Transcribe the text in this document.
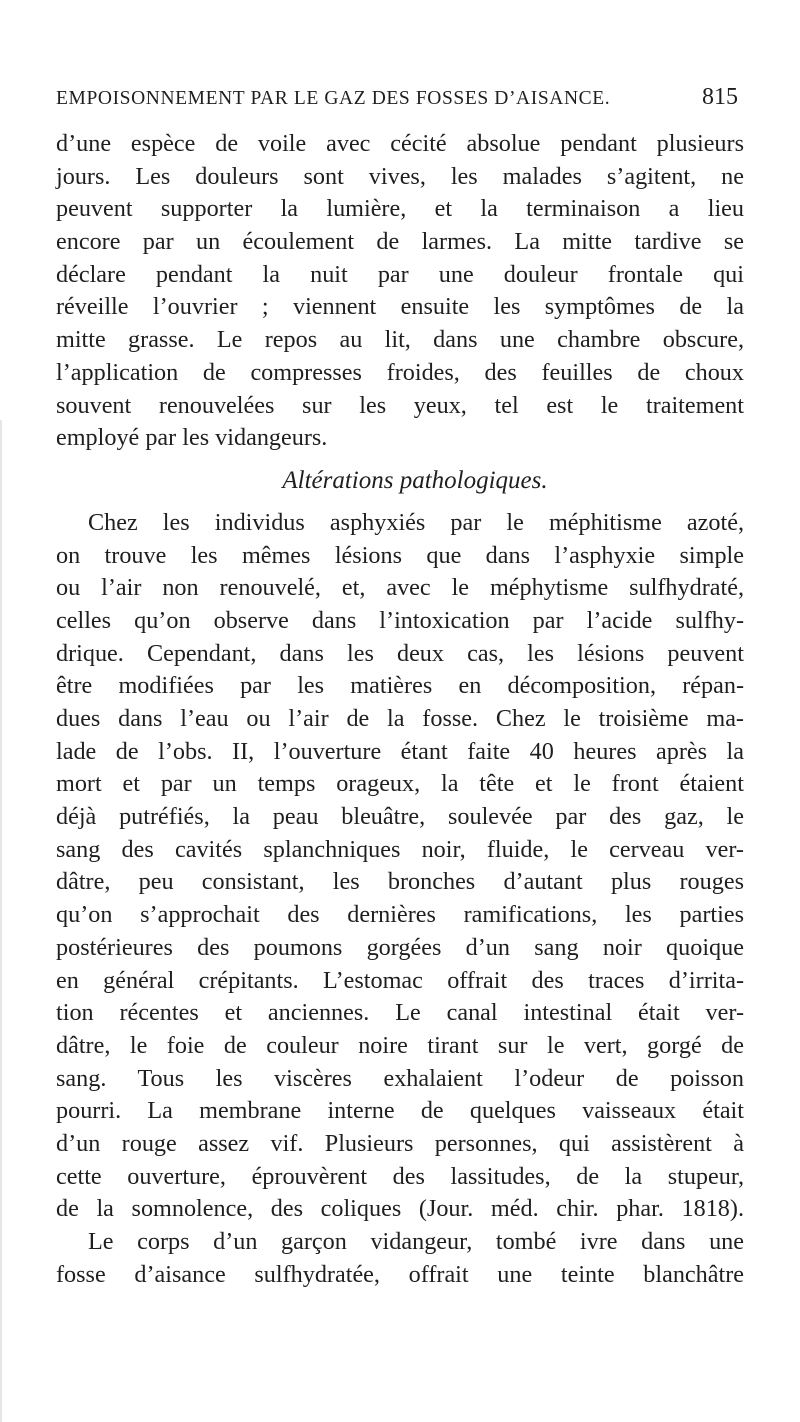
EMPOISONNEMENT PAR LE GAZ DES FOSSES D’AISANCE.	815
d’une espèce de voile avec cécité absolue pendant plusieurs
jours. Les douleurs sont vives, les malades s’agitent, ne
peuvent supporter la lumière, et la terminaison a lieu
encore par un écoulement de larmes. La mitte tardive se
déclare pendant la nuit par une douleur frontale qui
réveille l’ouvrier ; viennent ensuite les symptômes de la
mitte grasse. Le repos au lit, dans une chambre obscure,
l’application de compresses froides, des feuilles de choux
souvent renouvelées sur les yeux, tel est le traitement
employé par les vidangeurs.
Altérations pathologiques.
Chez les individus asphyxiés par le méphitisme azoté,
on trouve les mêmes lésions que dans l’asphyxie simple
ou l’air non renouvelé, et, avec le méphytisme sulfhydraté,
celles qu’on observe dans l’intoxication par l’acide sulfhy-
drique. Cependant, dans les deux cas, les lésions peuvent
être modifiées par les matières en décomposition, répan-
dues dans l’eau ou l’air de la fosse. Chez le troisième ma-
lade de l’obs. II, l’ouverture étant faite 40 heures après la
mort et par un temps orageux, la tête et le front étaient
déjà putréfiés, la peau bleuâtre, soulevée par des gaz, le
sang des cavités splanchniques noir, fluide, le cerveau ver-
dâtre, peu consistant, les bronches d’autant plus rouges
qu’on s’approchait des dernières ramifications, les parties
postérieures des poumons gorgées d’un sang noir quoique
en général crépitants. L’estomac offrait des traces d’irrita-
tion récentes et anciennes. Le canal intestinal était ver-
dâtre, le foie de couleur noire tirant sur le vert, gorgé de
sang. Tous les viscères exhalaient l’odeur de poisson
pourri. La membrane interne de quelques vaisseaux était
d’un rouge assez vif. Plusieurs personnes, qui assistèrent à
cette ouverture, éprouvèrent des lassitudes, de la stupeur,
de la somnolence, des coliques (Jour. méd. chir. phar. 1818).
Le corps d’un garçon vidangeur, tombé ivre dans une
fosse d’aisance sulfhydratée, offrait une teinte blanchâtre
